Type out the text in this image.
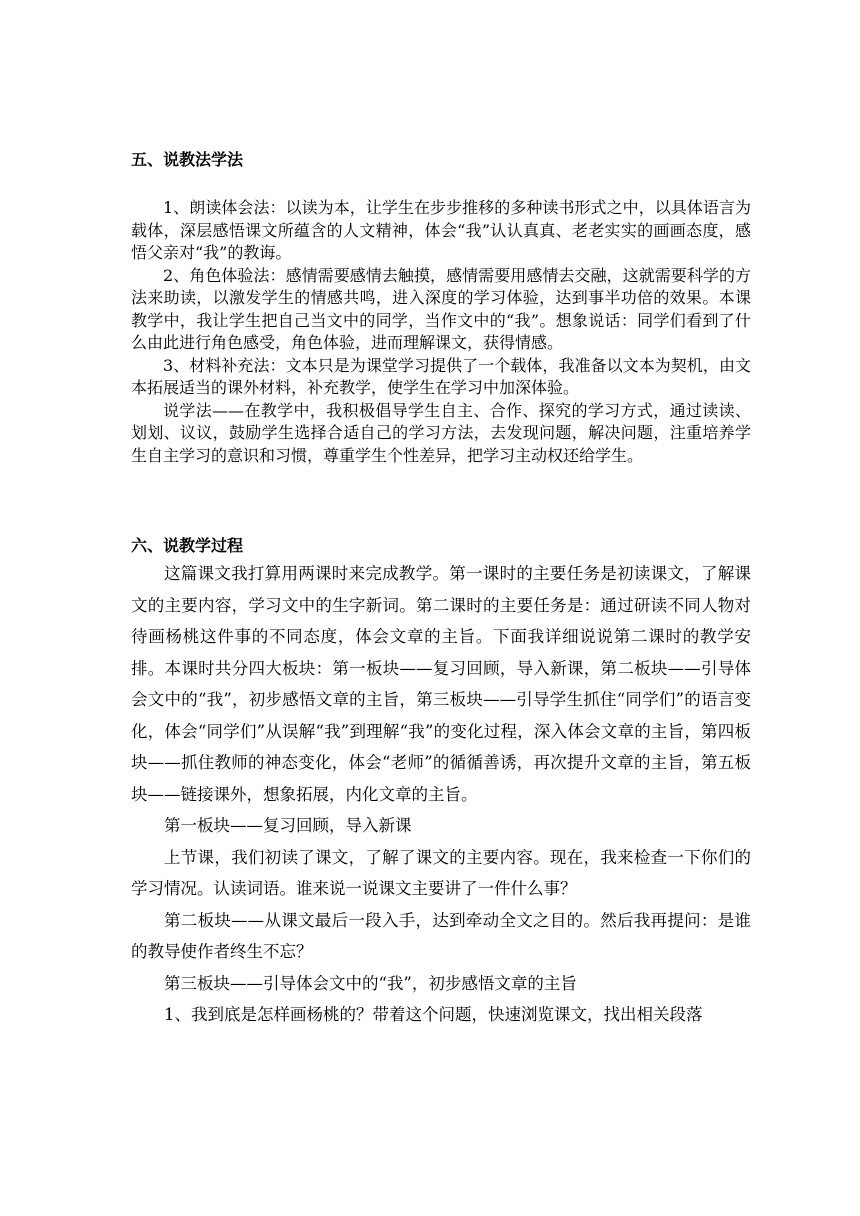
五、说教法学法

1、朗读体会法：以读为本，让学生在步步推移的多种读书形式之中，以具体语言为载体，深层感悟课文所蕴含的人文精神，体会“我”认认真真、老老实实的画画态度，感悟父亲对“我”的教诲。

2、角色体验法：感情需要感情去触摸，感情需要用感情去交融，这就需要科学的方法来助读，以激发学生的情感共鸣，进入深度的学习体验，达到事半功倍的效果。本课教学中，我让学生把自己当文中的同学，当作文中的“我”。想象说话：同学们看到了什么由此进行角色感受，角色体验，进而理解课文，获得情感。

3、材料补充法：文本只是为课堂学习提供了一个载体，我准备以文本为契机，由文本拓展适当的课外材料，补充教学，使学生在学习中加深体验。

说学法——在教学中，我积极倡导学生自主、合作、探究的学习方式，通过读读、划划、议议，鼓励学生选择合适自己的学习方法，去发现问题，解决问题，注重培养学生自主学习的意识和习惯，尊重学生个性差异，把学习主动权还给学生。

六、说教学过程

这篇课文我打算用两课时来完成教学。第一课时的主要任务是初读课文，了解课文的主要内容，学习文中的生字新词。第二课时的主要任务是：通过研读不同人物对待画杨桃这件事的不同态度，体会文章的主旨。下面我详细说说第二课时的教学安排。本课时共分四大板块：第一板块——复习回顾，导入新课，第二板块——引导体会文中的“我”，初步感悟文章的主旨，第三板块——引导学生抓住“同学们”的语言变化，体会“同学们”从误解“我”到理解“我”的变化过程，深入体会文章的主旨，第四板块——抓住教师的神态变化，体会“老师”的循循善诱，再次提升文章的主旨，第五板块——链接课外，想象拓展，内化文章的主旨。

第一板块——复习回顾，导入新课

上节课，我们初读了课文，了解了课文的主要内容。现在，我来检查一下你们的学习情况。认读词语。谁来说一说课文主要讲了一件什么事？

第二板块——从课文最后一段入手，达到牵动全文之目的。然后我再提问：是谁的教导使作者终生不忘？

第三板块——引导体会文中的“我”，初步感悟文章的主旨

1、我到底是怎样画杨桃的？带着这个问题，快速浏览课文，找出相关段落
